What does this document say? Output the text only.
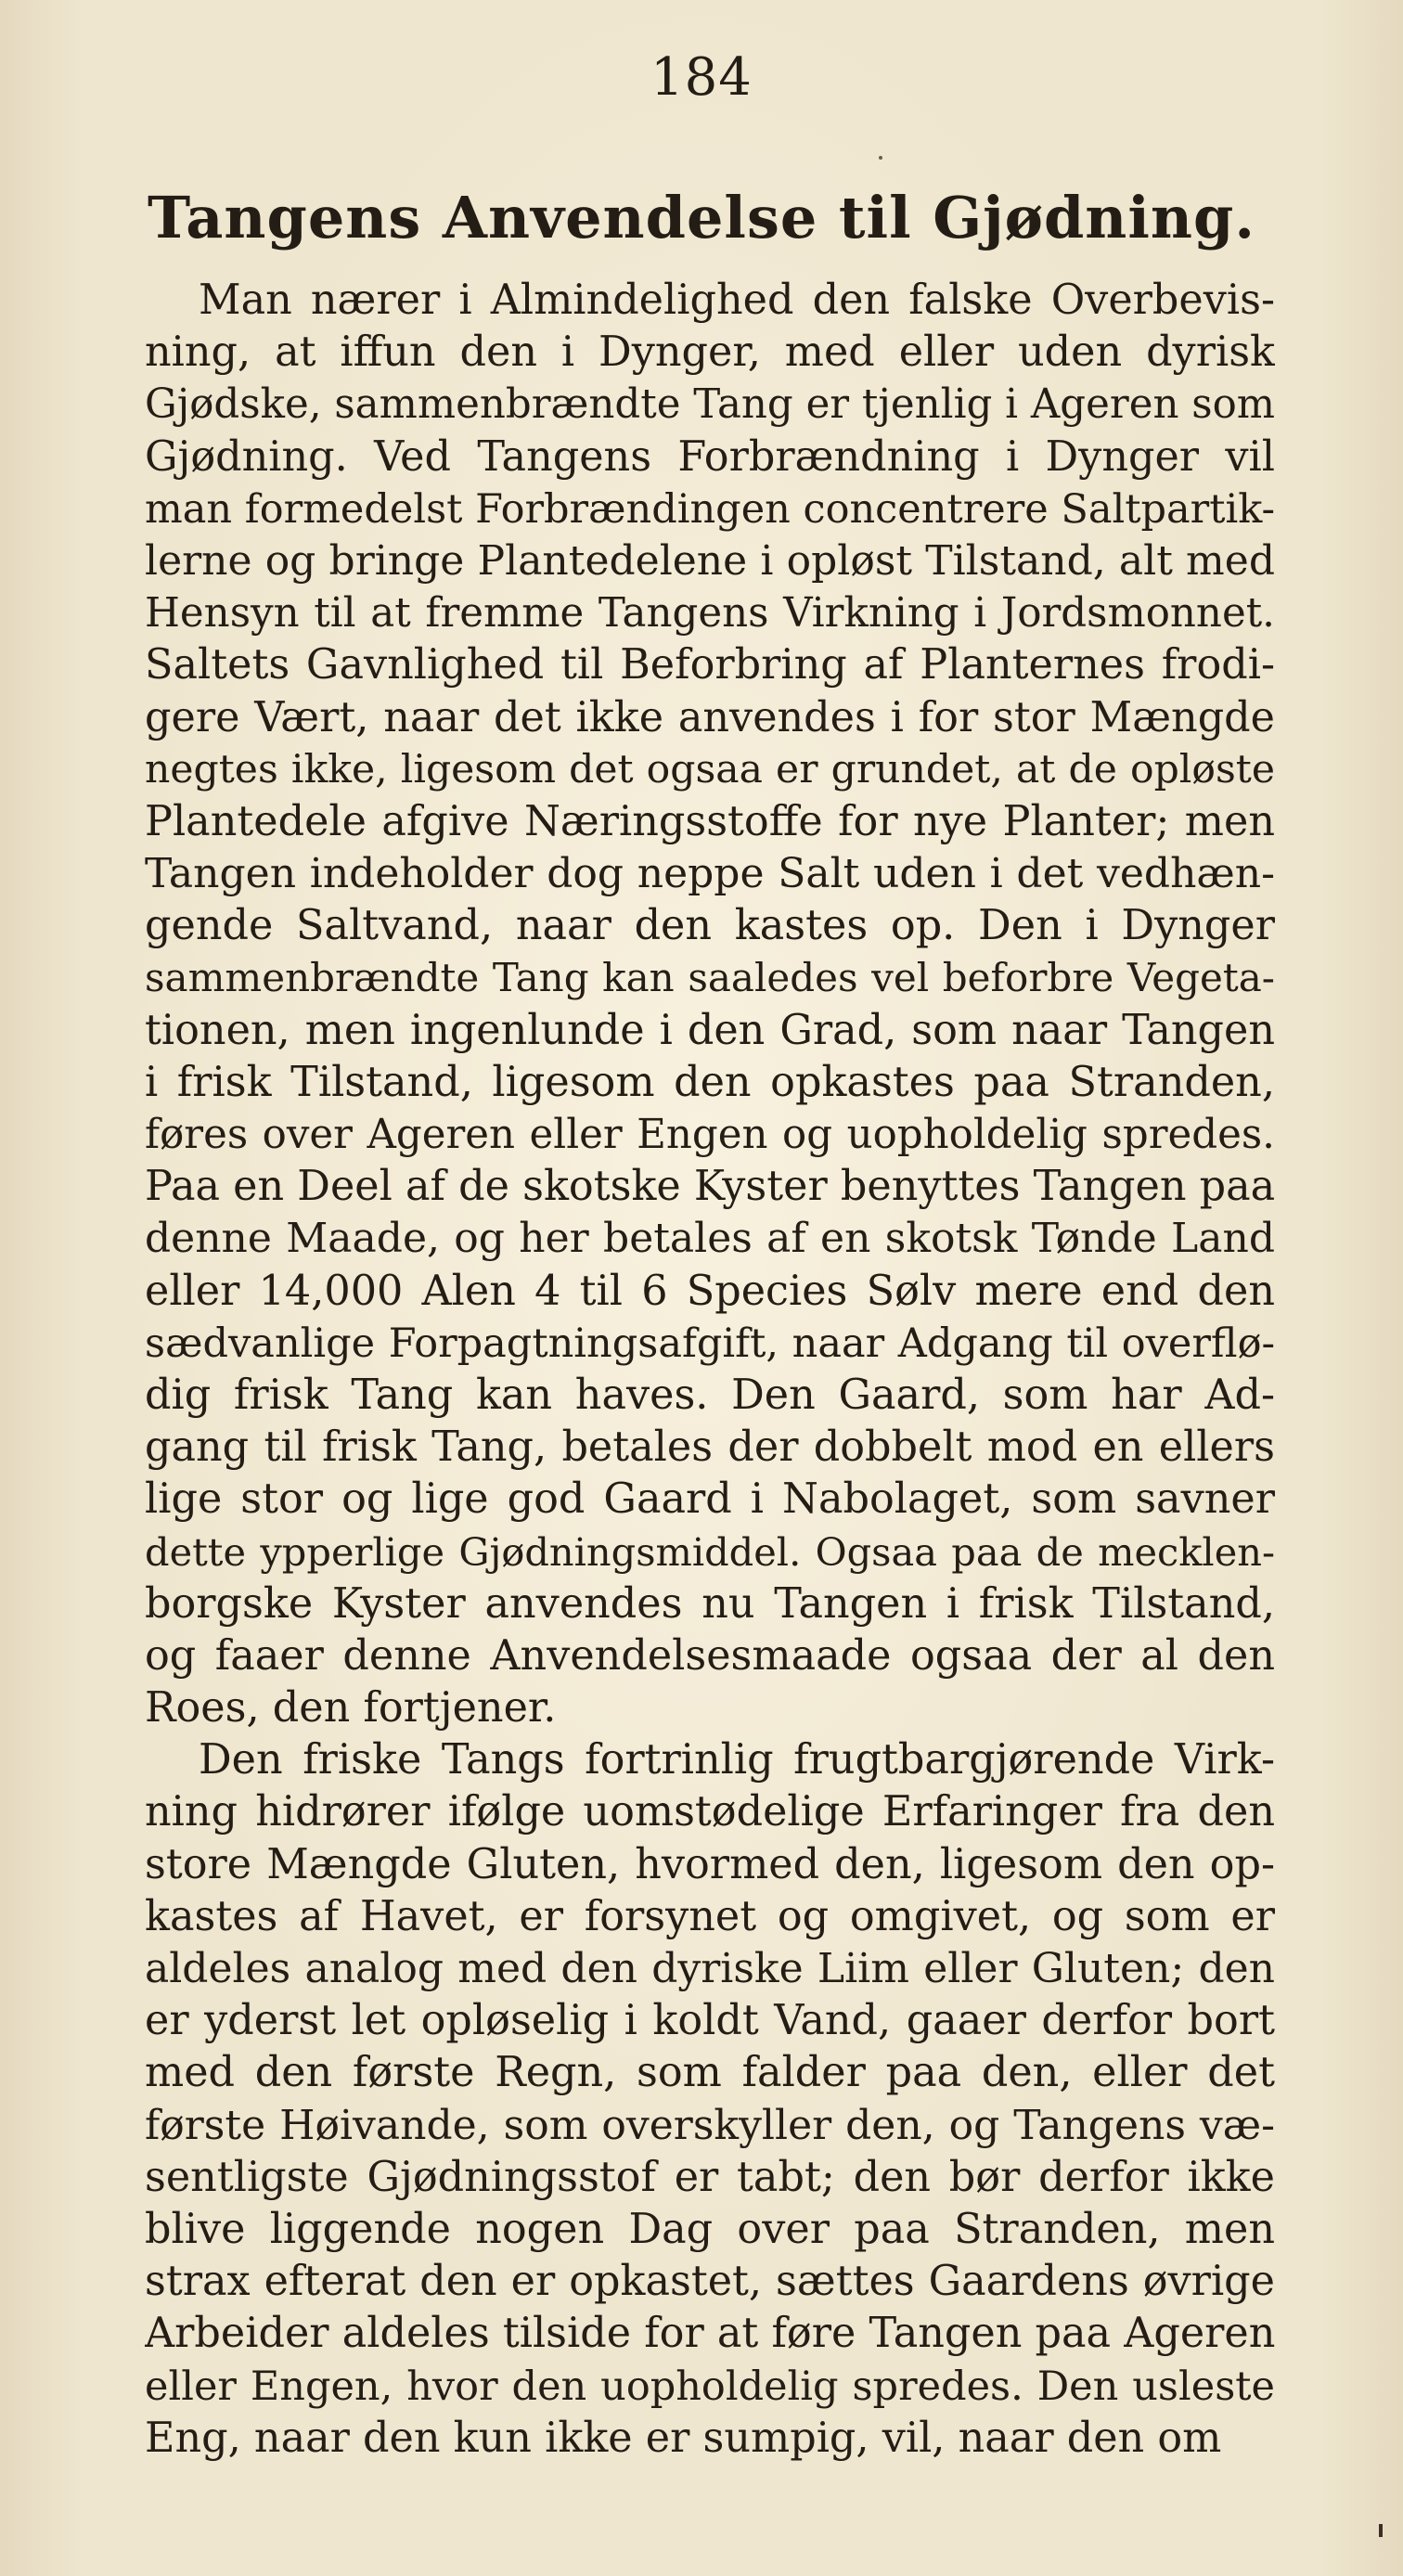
184
Tangens Anvendelse til Gjødning.
Man nærer i Almindelighed den falske Overbevis-
ning, at iffun den i Dynger, med eller uden dyrisk
Gjødske, sammenbrændte Tang er tjenlig i Ageren som
Gjødning. Ved Tangens Forbrændning i Dynger vil
man formedelst Forbrændingen concentrere Saltpartik-
lerne og bringe Plantedelene i opløst Tilstand, alt med
Hensyn til at fremme Tangens Virkning i Jordsmonnet.
Saltets Gavnlighed til Beforbring af Planternes frodi-
gere Vært, naar det ikke anvendes i for stor Mængde
negtes ikke, ligesom det ogsaa er grundet, at de opløste
Plantedele afgive Næringsstoffe for nye Planter; men
Tangen indeholder dog neppe Salt uden i det vedhæn-
gende Saltvand, naar den kastes op. Den i Dynger
sammenbrændte Tang kan saaledes vel beforbre Vegeta-
tionen, men ingenlunde i den Grad, som naar Tangen
i frisk Tilstand, ligesom den opkastes paa Stranden,
føres over Ageren eller Engen og uopholdelig spredes.
Paa en Deel af de skotske Kyster benyttes Tangen paa
denne Maade, og her betales af en skotsk Tønde Land
eller 14,000 Alen 4 til 6 Species Sølv mere end den
sædvanlige Forpagtningsafgift, naar Adgang til overflø-
dig frisk Tang kan haves. Den Gaard, som har Ad-
gang til frisk Tang, betales der dobbelt mod en ellers
lige stor og lige god Gaard i Nabolaget, som savner
dette ypperlige Gjødningsmiddel. Ogsaa paa de mecklen-
borgske Kyster anvendes nu Tangen i frisk Tilstand,
og faaer denne Anvendelsesmaade ogsaa der al den
Roes, den fortjener.
Den friske Tangs fortrinlig frugtbargjørende Virk-
ning hidrører ifølge uomstødelige Erfaringer fra den
store Mængde Gluten, hvormed den, ligesom den op-
kastes af Havet, er forsynet og omgivet, og som er
aldeles analog med den dyriske Liim eller Gluten; den
er yderst let opløselig i koldt Vand, gaaer derfor bort
med den første Regn, som falder paa den, eller det
første Høivande, som overskyller den, og Tangens væ-
sentligste Gjødningsstof er tabt; den bør derfor ikke
blive liggende nogen Dag over paa Stranden, men
strax efterat den er opkastet, sættes Gaardens øvrige
Arbeider aldeles tilside for at føre Tangen paa Ageren
eller Engen, hvor den uopholdelig spredes. Den usleste
Eng, naar den kun ikke er sumpig, vil, naar den om
